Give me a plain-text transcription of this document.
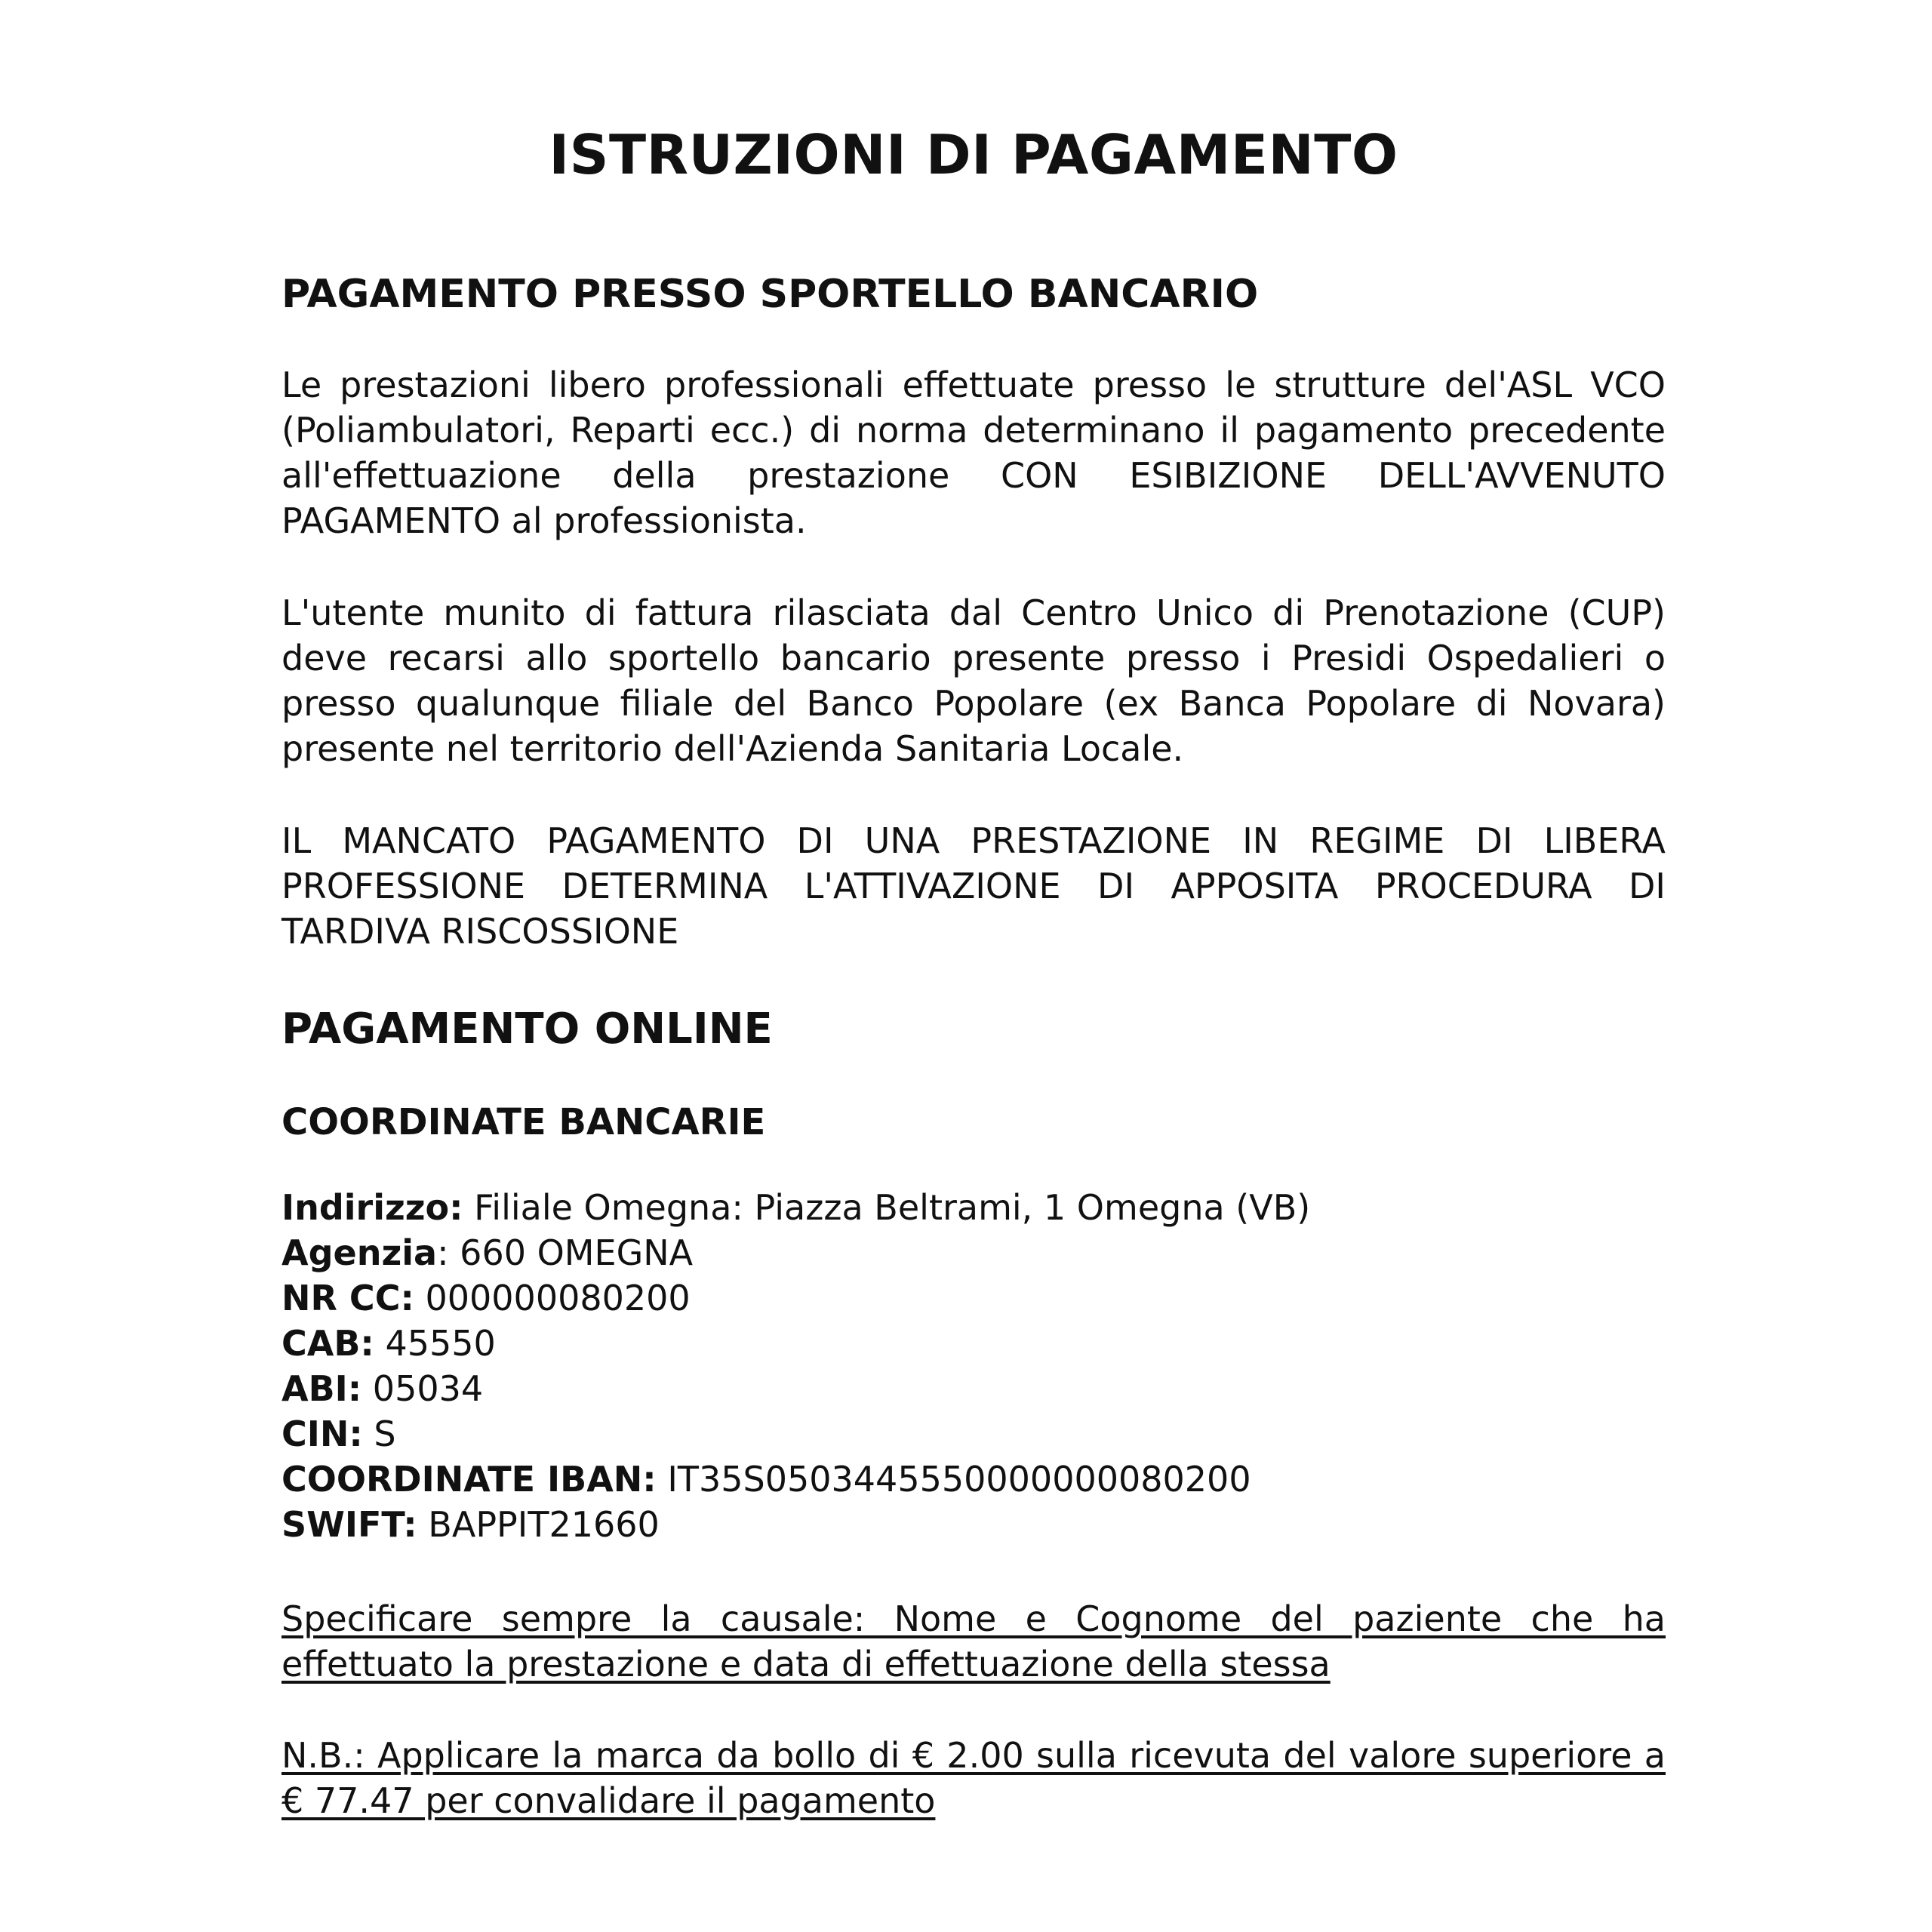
ISTRUZIONI DI PAGAMENTO
PAGAMENTO PRESSO SPORTELLO BANCARIO

Le prestazioni libero professionali effettuate presso le strutture del'ASL VCO (Poliambulatori, Reparti ecc.) di norma determinano il pagamento precedente all'effettuazione della prestazione CON ESIBIZIONE DELL'AVVENUTO PAGAMENTO al professionista.

L'utente munito di fattura rilasciata dal Centro Unico di Prenotazione (CUP) deve recarsi allo sportello bancario presente presso i Presidi Ospedalieri o presso qualunque filiale del Banco Popolare (ex Banca Popolare di Novara) presente nel territorio dell'Azienda Sanitaria Locale.

IL MANCATO PAGAMENTO DI UNA PRESTAZIONE IN REGIME DI LIBERA PROFESSIONE DETERMINA L'ATTIVAZIONE DI APPOSITA PROCEDURA DI TARDIVA RISCOSSIONE

PAGAMENTO ONLINE
COORDINATE BANCARIE
Indirizzo: Filiale Omegna: Piazza Beltrami, 1 Omegna (VB)
Agenzia: 660 OMEGNA
NR CC: 000000080200
CAB: 45550
ABI: 05034
CIN: S
COORDINATE IBAN: IT35S0503445550000000080200
SWIFT: BAPPIT21660

Specificare sempre la causale: Nome e Cognome del paziente che ha effettuato la prestazione e data di effettuazione della stessa

N.B.: Applicare la marca da bollo di € 2.00 sulla ricevuta del valore superiore a € 77.47 per convalidare il pagamento
